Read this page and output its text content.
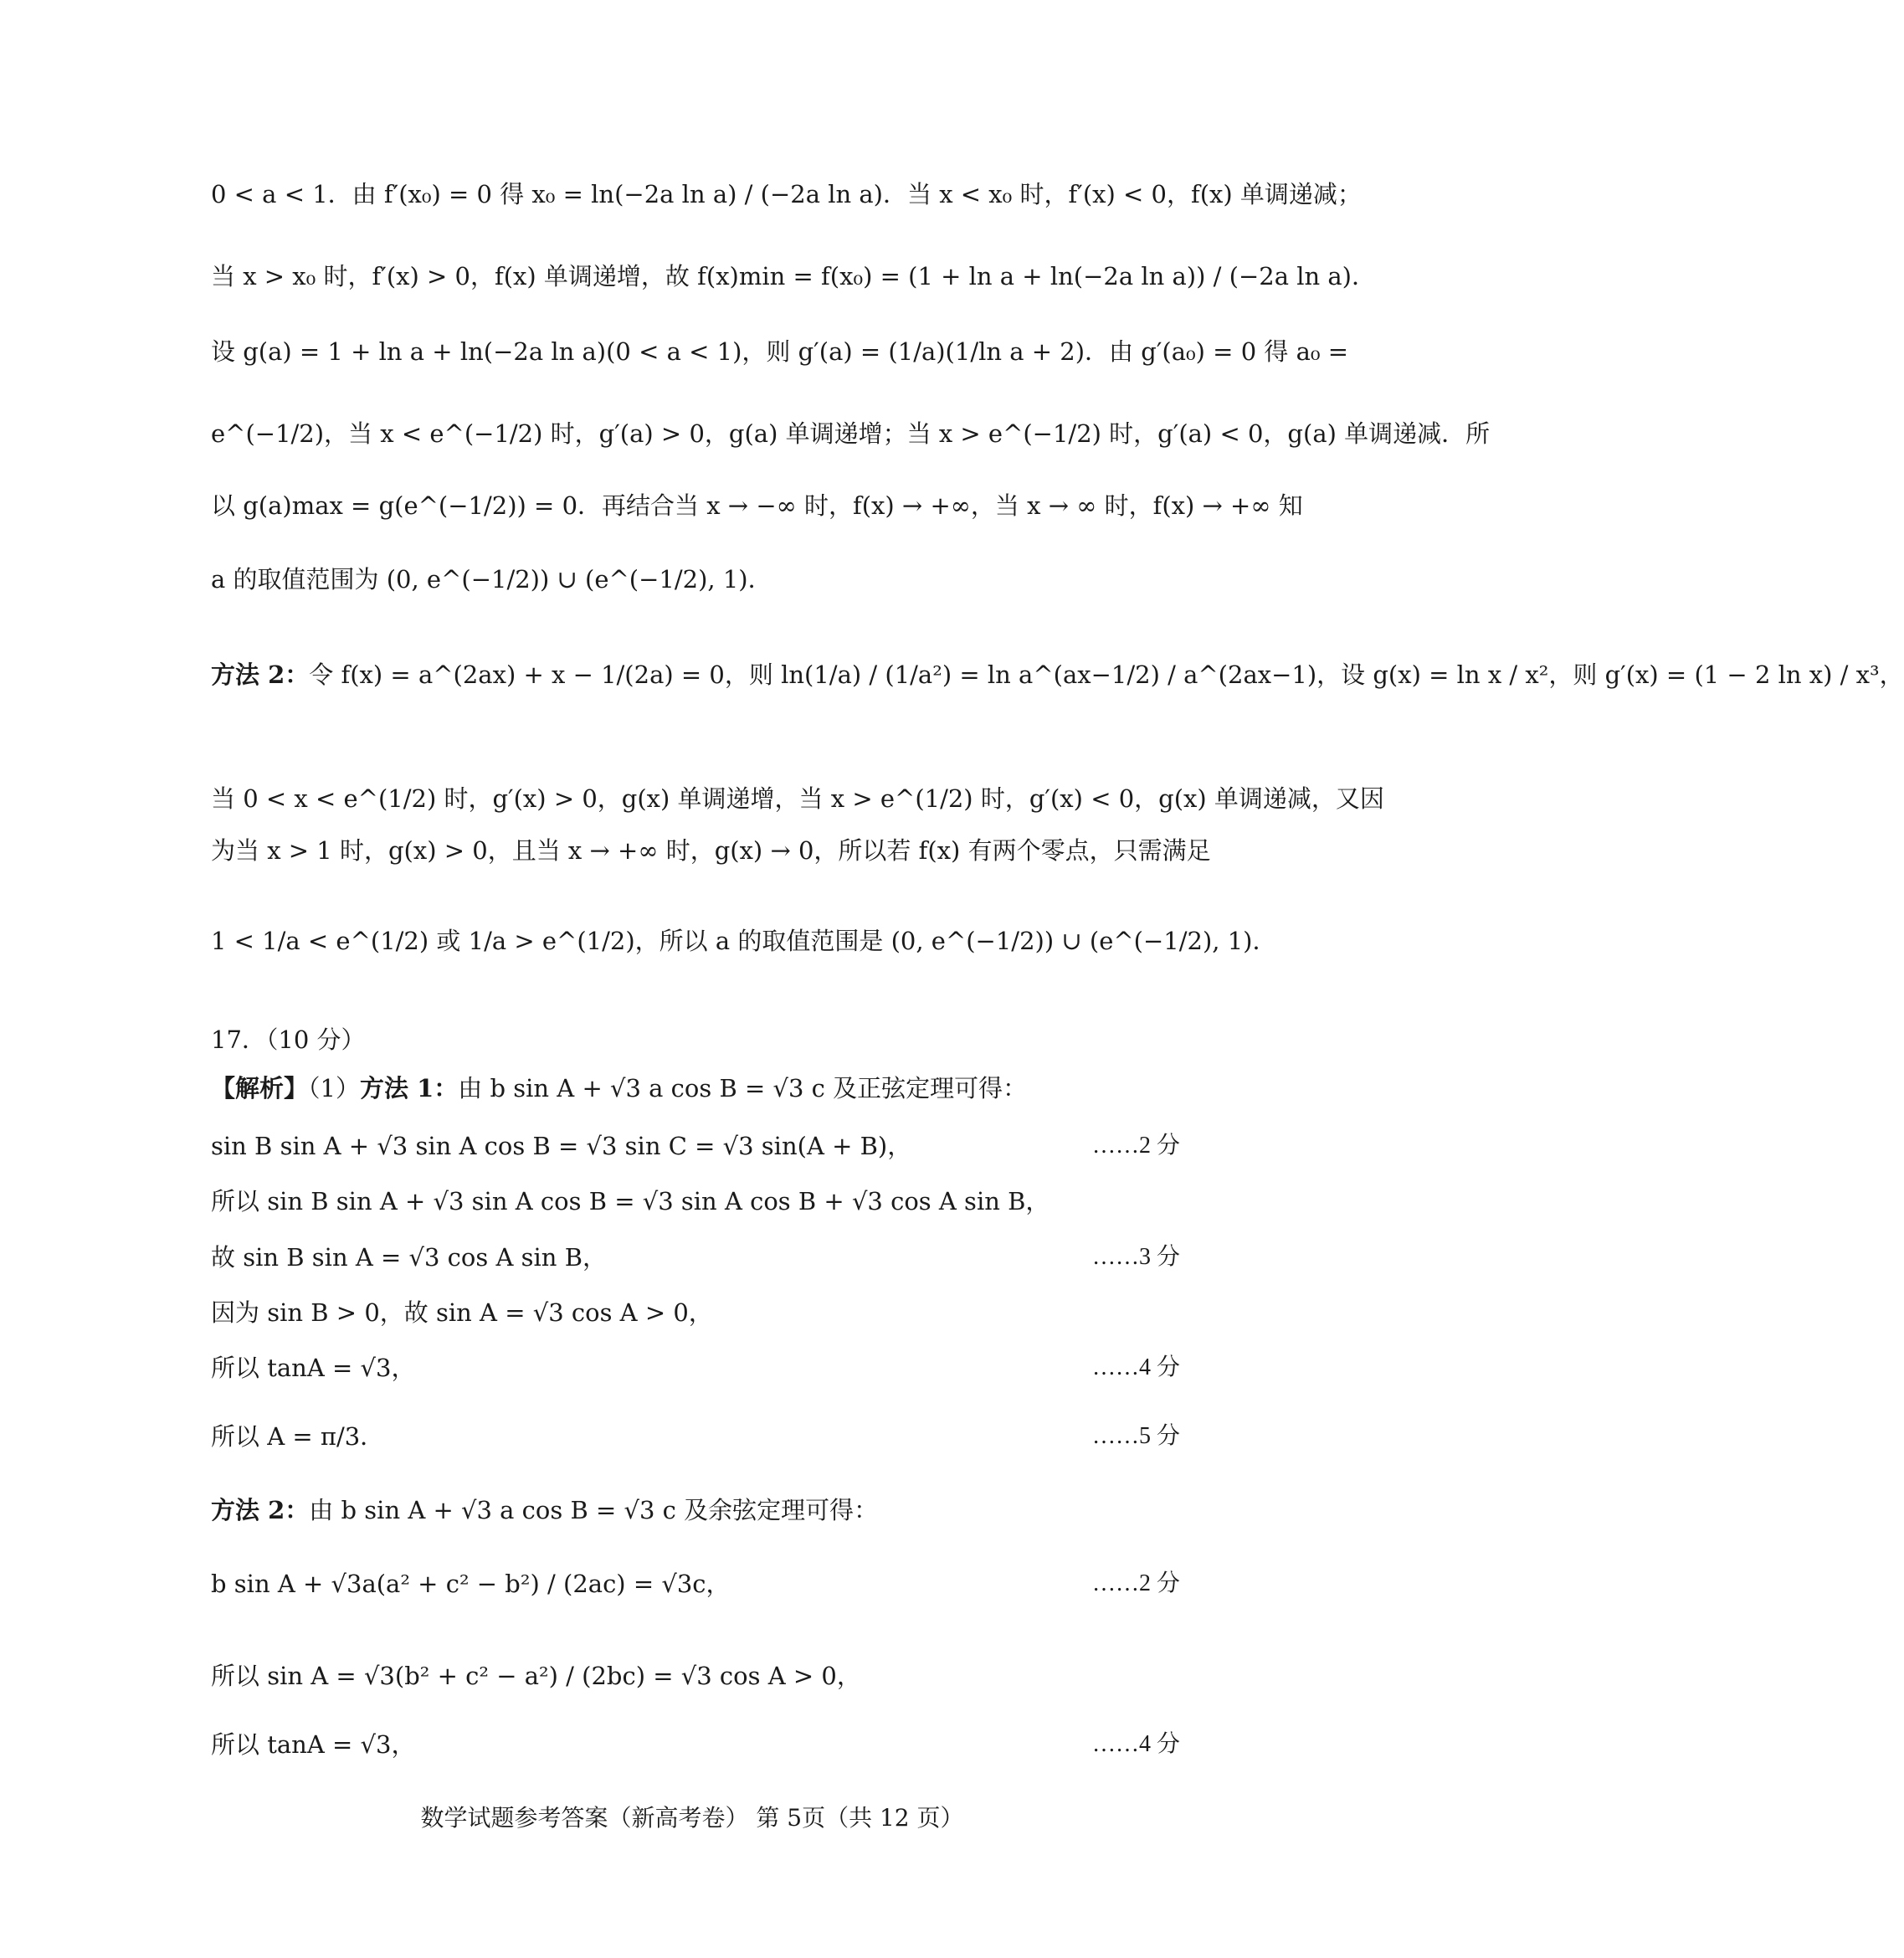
0 < a < 1．由 f′(x₀) = 0 得 x₀ = ln(−2a ln a) / (−2a ln a)．当 x < x₀ 时，f′(x) < 0，f(x) 单调递减；
当 x > x₀ 时，f′(x) > 0，f(x) 单调递增，故 f(x)min = f(x₀) = (1 + ln a + ln(−2a ln a)) / (−2a ln a)．
设 g(a) = 1 + ln a + ln(−2a ln a)(0 < a < 1)，则 g′(a) = (1/a)(1/ln a + 2)．由 g′(a₀) = 0 得 a₀ =
e^(−1/2)，当 x < e^(−1/2) 时，g′(a) > 0，g(a) 单调递增；当 x > e^(−1/2) 时，g′(a) < 0，g(a) 单调递减．所
以 g(a)max = g(e^(−1/2)) = 0．再结合当 x → −∞ 时，f(x) → +∞，当 x → ∞ 时，f(x) → +∞ 知
a 的取值范围为 (0, e^(−1/2)) ∪ (e^(−1/2), 1)．
方法 2：令 f(x) = a^(2ax) + x − 1/(2a) = 0，则 ln(1/a) / (1/a²) = ln a^(ax−1/2) / a^(2ax−1)，设 g(x) = ln x / x²，则 g′(x) = (1 − 2 ln x) / x³，
当 0 < x < e^(1/2) 时，g′(x) > 0，g(x) 单调递增，当 x > e^(1/2) 时，g′(x) < 0，g(x) 单调递减，又因
为当 x > 1 时，g(x) > 0，且当 x → +∞ 时，g(x) → 0，所以若 f(x) 有两个零点，只需满足
1 < 1/a < e^(1/2) 或 1/a > e^(1/2)，所以 a 的取值范围是 (0, e^(−1/2)) ∪ (e^(−1/2), 1)．
17．（10 分）
【解析】（1）方法 1：由 b sin A + √3 a cos B = √3 c 及正弦定理可得：
sin B sin A + √3 sin A cos B = √3 sin C = √3 sin(A + B)，	……2 分
所以 sin B sin A + √3 sin A cos B = √3 sin A cos B + √3 cos A sin B，
故 sin B sin A = √3 cos A sin B，	……3 分
因为 sin B > 0，故 sin A = √3 cos A > 0，
所以 tanA = √3，	……4 分
所以 A = π/3．	……5 分
方法 2：由 b sin A + √3 a cos B = √3 c 及余弦定理可得：
b sin A + √3a(a² + c² − b²) / (2ac) = √3c，	……2 分
所以 sin A = √3(b² + c² − a²) / (2bc) = √3 cos A > 0，
所以 tanA = √3，	……4 分
数学试题参考答案（新高考卷） 第 5页（共 12 页）
